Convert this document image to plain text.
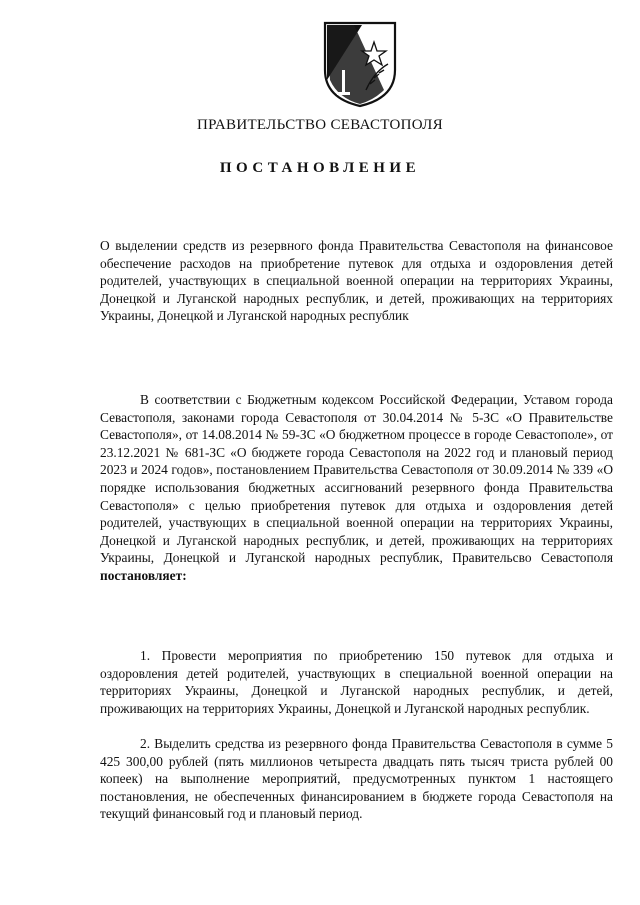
ПРАВИТЕЛЬСТВО СЕВАСТОПОЛЯ
ПОСТАНОВЛЕНИЕ
О выделении средств из резервного фонда Правительства Севастополя на финансовое обеспечение расходов на приобретение путевок для отдыха и оздоровления детей родителей, участвующих в специальной военной операции на территориях Украины, Донецкой и Луганской народных республик, и детей, проживающих на территориях Украины, Донецкой и Луганской народных республик
В соответствии с Бюджетным кодексом Российской Федерации, Уставом города Севастополя, законами города Севастополя от 30.04.2014 № 5-ЗС «О Правительстве Севастополя», от 14.08.2014 № 59-ЗС «О бюджетном процессе в городе Севастополе», от 23.12.2021 № 681-ЗС «О бюджете города Севастополя на 2022 год и плановый период 2023 и 2024 годов», постановлением Правительства Севастополя от 30.09.2014 № 339 «О порядке использования бюджетных ассигнований резервного фонда Правительства Севастополя» с целью приобретения путевок для отдыха и оздоровления детей родителей, участвующих в специальной военной операции на территориях Украины, Донецкой и Луганской народных республик, и детей, проживающих на территориях Украины, Донецкой и Луганской народных республик, Правительсво Севастополя постановляет:
1. Провести мероприятия по приобретению 150 путевок для отдыха и оздоровления детей родителей, участвующих в специальной военной операции на территориях Украины, Донецкой и Луганской народных республик, и детей, проживающих на территориях Украины, Донецкой и Луганской народных республик.
2. Выделить средства из резервного фонда Правительства Севастополя в сумме 5 425 300,00 рублей (пять миллионов четыреста двадцать пять тысяч триста рублей 00 копеек) на выполнение мероприятий, предусмотренных пунктом 1 настоящего постановления, не обеспеченных финансированием в бюджете города Севастополя на текущий финансовый год и плановый период.
